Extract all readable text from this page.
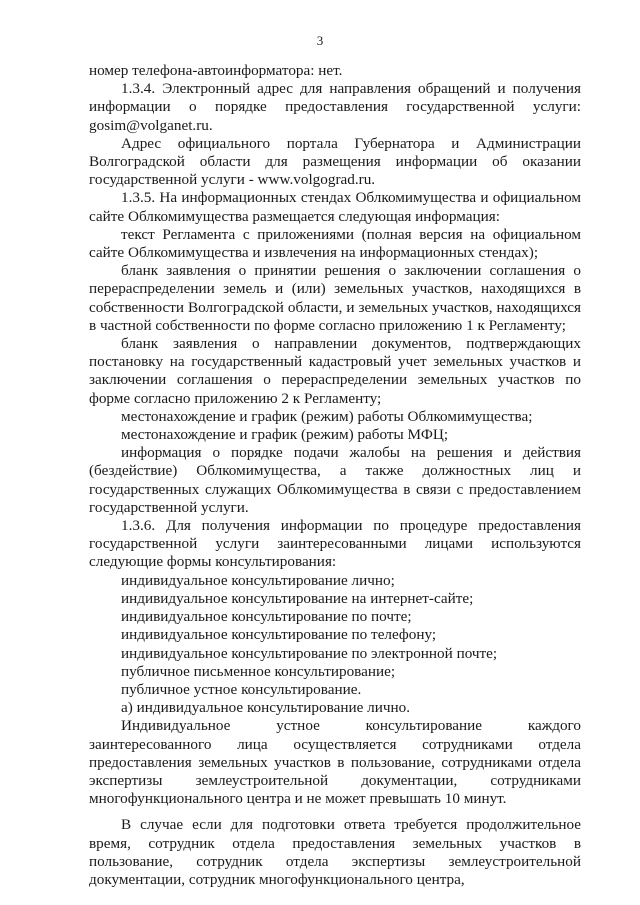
3

номер телефона-автоинформатора: нет.

1.3.4. Электронный адрес для направления обращений и получения информации о порядке предоставления государственной услуги: gosim@volganet.ru.

Адрес официального портала Губернатора и Администрации Волгоградской области для размещения информации об оказании государственной услуги - www.volgograd.ru.

1.3.5. На информационных стендах Облкомимущества и официальном сайте Облкомимущества размещается следующая информация:

текст Регламента с приложениями (полная версия на официальном сайте Облкомимущества и извлечения на информационных стендах);

бланк заявления о принятии решения о заключении соглашения о перераспределении земель и (или) земельных участков, находящихся в собственности Волгоградской области, и земельных участков, находящихся в частной собственности по форме согласно приложению 1 к Регламенту;

бланк заявления о направлении документов, подтверждающих постановку на государственный кадастровый учет земельных участков и заключении соглашения о перераспределении земельных участков по форме согласно приложению 2 к Регламенту;

местонахождение и график (режим) работы Облкомимущества;

местонахождение и график (режим) работы МФЦ;

информация о порядке подачи жалобы на решения и действия (бездействие) Облкомимущества, а также должностных лиц и государственных служащих Облкомимущества в связи с предоставлением государственной услуги.

1.3.6. Для получения информации по процедуре предоставления государственной услуги заинтересованными лицами используются следующие формы консультирования:

индивидуальное консультирование лично;

индивидуальное консультирование на интернет-сайте;

индивидуальное консультирование по почте;

индивидуальное консультирование по телефону;

индивидуальное консультирование по электронной почте;

публичное письменное консультирование;

публичное устное консультирование.

а) индивидуальное консультирование лично.

Индивидуальное устное консультирование каждого заинтересованного лица осуществляется сотрудниками отдела предоставления земельных участков в пользование, сотрудниками отдела экспертизы землеустроительной документации, сотрудниками многофункционального центра и не может превышать 10 минут.

В случае если для подготовки ответа требуется продолжительное время, сотрудник отдела предоставления земельных участков в пользование, сотрудник отдела экспертизы землеустроительной документации, сотрудник многофункционального центра,
